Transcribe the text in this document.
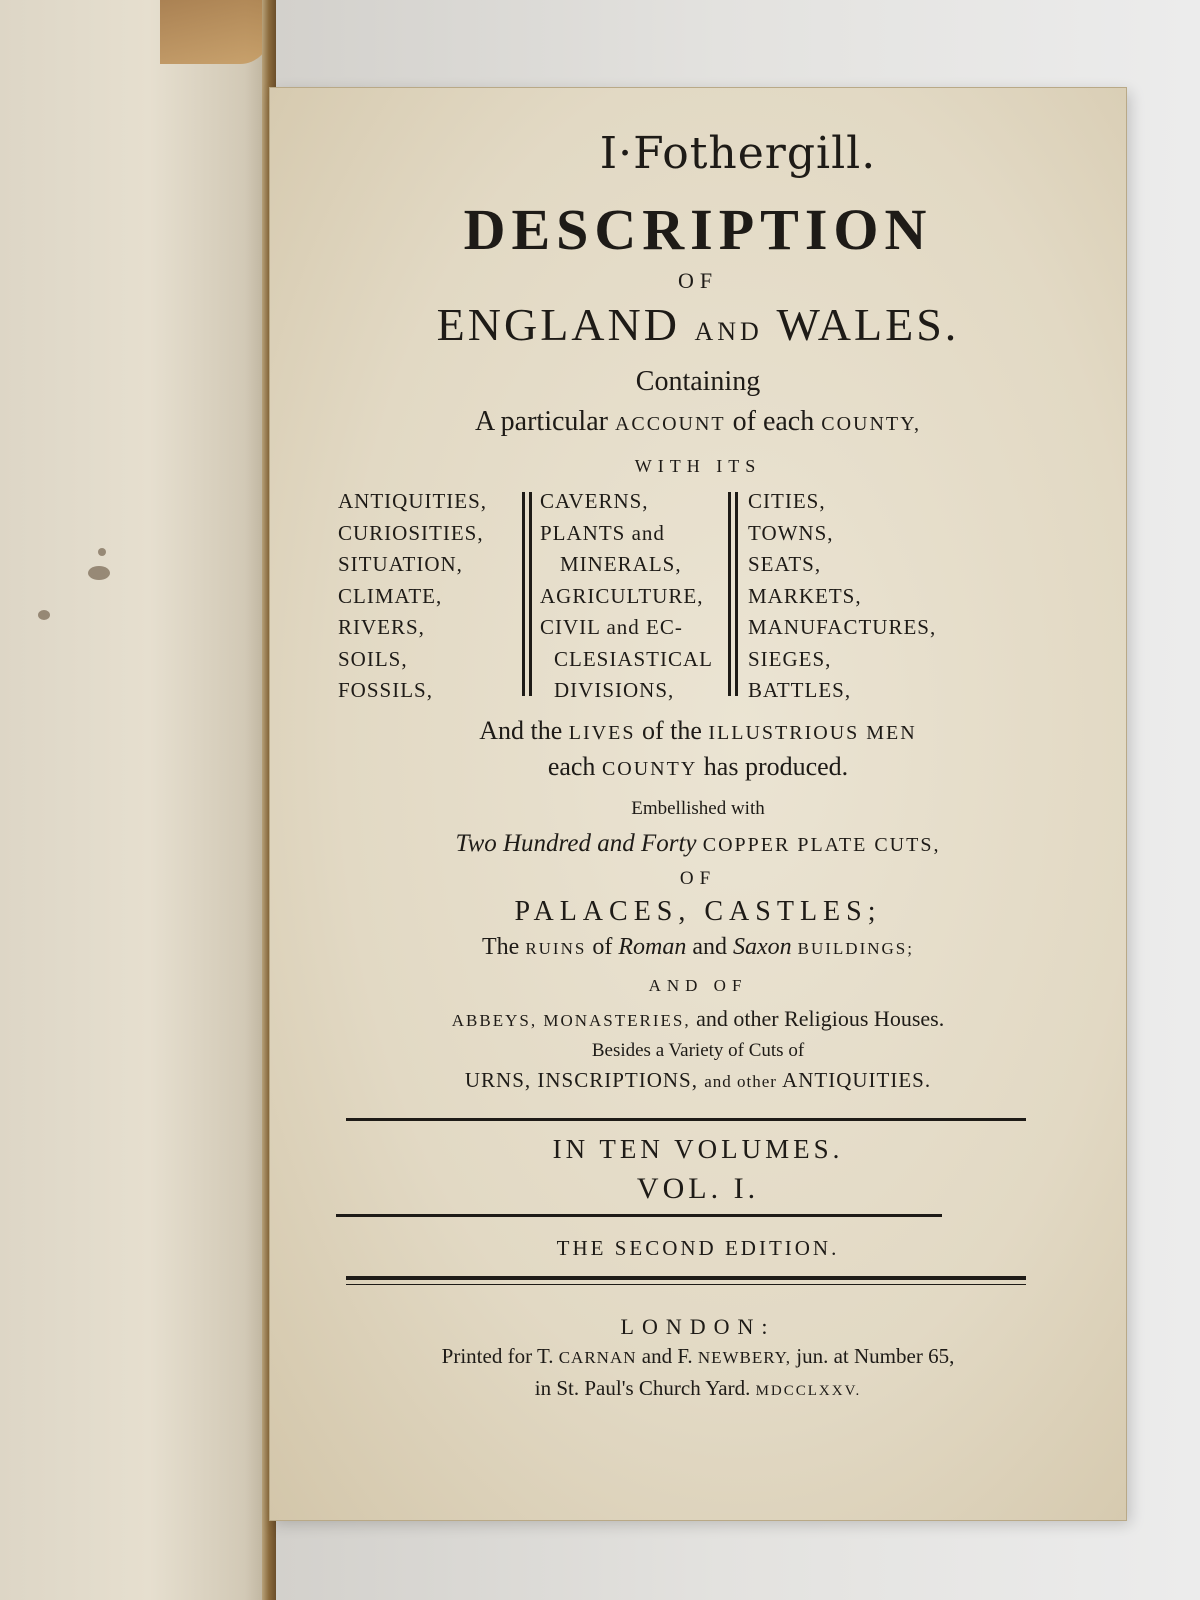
I·Fothergill.
DESCRIPTION
OF
ENGLAND AND WALES.
Containing
A particular ACCOUNT of each COUNTY,
WITH ITS
ANTIQUITIES,
CURIOSITIES,
SITUATION,
CLIMATE,
RIVERS,
SOILS,
FOSSILS,
CAVERNS,
PLANTS and
MINERALS,
AGRICULTURE,
CIVIL and EC-
CLESIASTICAL
DIVISIONS,
CITIES,
TOWNS,
SEATS,
MARKETS,
MANUFACTURES,
SIEGES,
BATTLES,
And the LIVES of the ILLUSTRIOUS MEN
each COUNTY has produced.
Embellished with
Two Hundred and Forty COPPER PLATE CUTS,
OF
PALACES, CASTLES;
The RUINS of Roman and Saxon BUILDINGS;
AND OF
ABBEYS, MONASTERIES, and other Religious Houses.
Besides a Variety of Cuts of
URNS, INSCRIPTIONS, and other ANTIQUITIES.
IN TEN VOLUMES.
VOL. I.
THE SECOND EDITION.
LONDON:
Printed for T. CARNAN and F. NEWBERY, jun. at Number 65,
in St. Paul's Church Yard. MDCCLXXV.
